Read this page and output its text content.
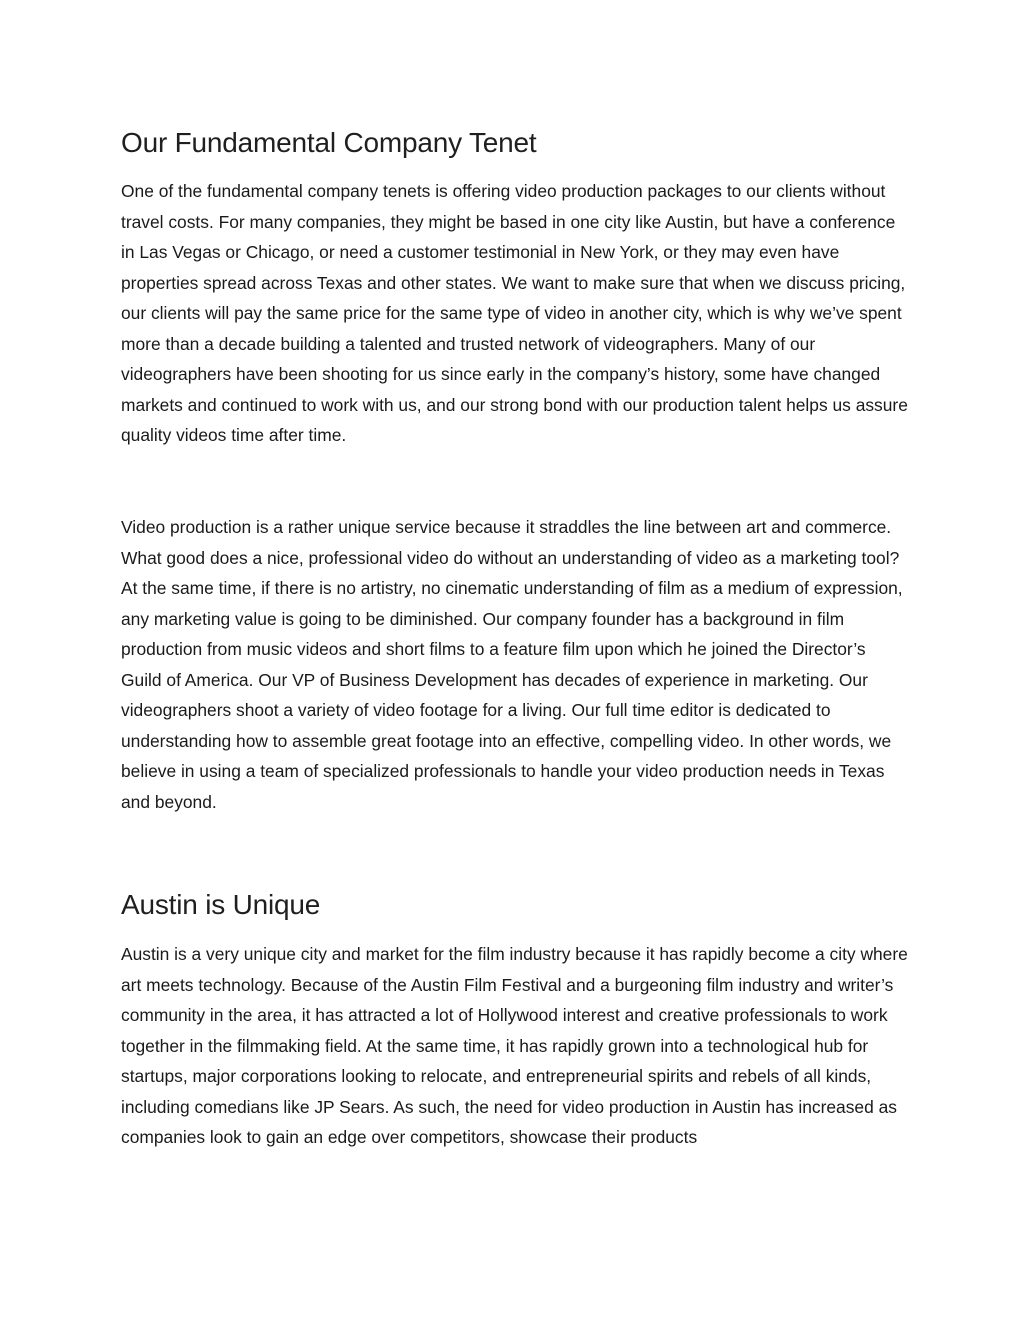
Our Fundamental Company Tenet

One of the fundamental company tenets is offering video production packages to our clients without travel costs. For many companies, they might be based in one city like Austin, but have a conference in Las Vegas or Chicago, or need a customer testimonial in New York, or they may even have properties spread across Texas and other states. We want to make sure that when we discuss pricing, our clients will pay the same price for the same type of video in another city, which is why we’ve spent more than a decade building a talented and trusted network of videographers. Many of our videographers have been shooting for us since early in the company’s history, some have changed markets and continued to work with us, and our strong bond with our production talent helps us assure quality videos time after time.

Video production is a rather unique service because it straddles the line between art and commerce. What good does a nice, professional video do without an understanding of video as a marketing tool? At the same time, if there is no artistry, no cinematic understanding of film as a medium of expression, any marketing value is going to be diminished. Our company founder has a background in film production from music videos and short films to a feature film upon which he joined the Director’s Guild of America. Our VP of Business Development has decades of experience in marketing. Our videographers shoot a variety of video footage for a living. Our full time editor is dedicated to understanding how to assemble great footage into an effective, compelling video. In other words, we believe in using a team of specialized professionals to handle your video production needs in Texas and beyond.

Austin is Unique

Austin is a very unique city and market for the film industry because it has rapidly become a city where art meets technology. Because of the Austin Film Festival and a burgeoning film industry and writer’s community in the area, it has attracted a lot of Hollywood interest and creative professionals to work together in the filmmaking field. At the same time, it has rapidly grown into a technological hub for startups, major corporations looking to relocate, and entrepreneurial spirits and rebels of all kinds, including comedians like JP Sears. As such, the need for video production in Austin has increased as companies look to gain an edge over competitors, showcase their products
